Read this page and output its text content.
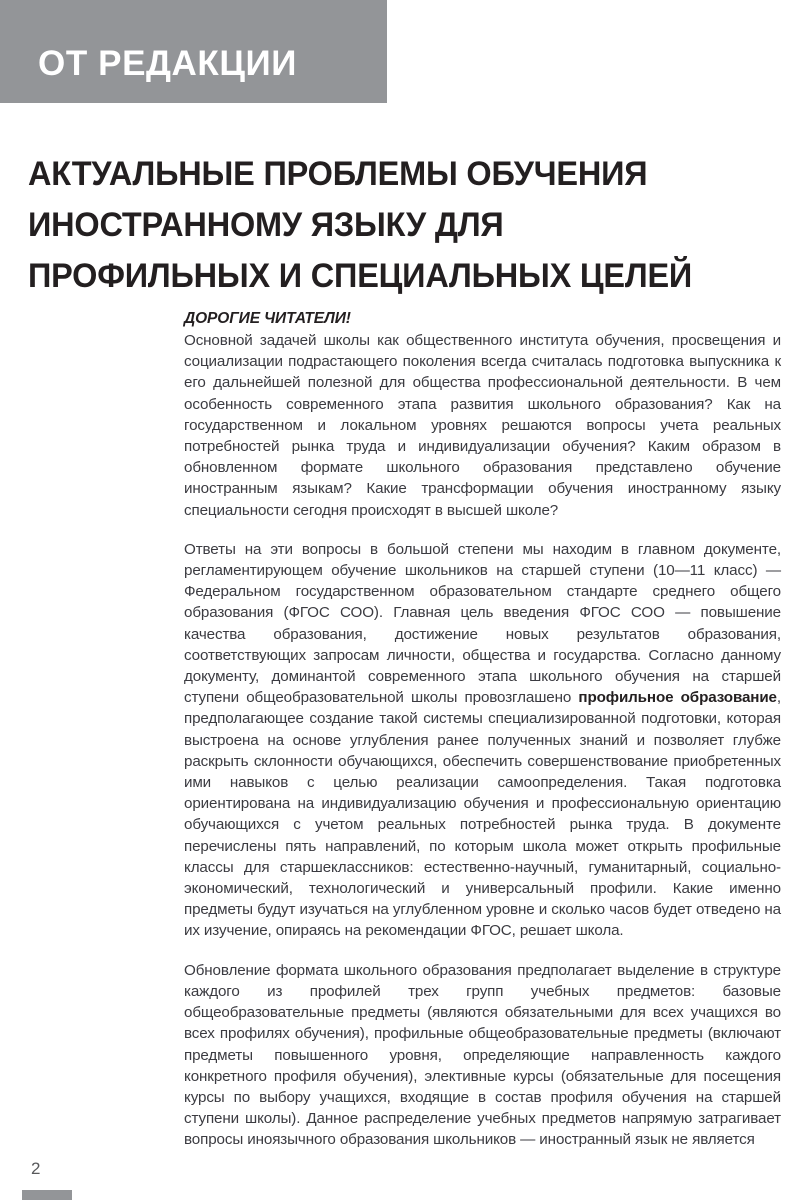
ОТ РЕДАКЦИИ
АКТУАЛЬНЫЕ ПРОБЛЕМЫ ОБУЧЕНИЯ
ИНОСТРАННОМУ ЯЗЫКУ ДЛЯ
ПРОФИЛЬНЫХ И СПЕЦИАЛЬНЫХ ЦЕЛЕЙ

ДОРОГИЕ ЧИТАТЕЛИ!

Основной задачей школы как общественного института обучения, просвещения и социализации подрастающего поколения всегда считалась подготовка выпускника к его дальнейшей полезной для общества профессиональной деятельности. В чем особенность современного этапа развития школьного образования? Как на государственном и локальном уровнях решаются вопросы учета реальных потребностей рынка труда и индивидуализации обучения? Каким образом в обновленном формате школьного образования представлено обучение иностранным языкам? Какие трансформации обучения иностранному языку специальности сегодня происходят в высшей школе?

Ответы на эти вопросы в большой степени мы находим в главном документе, регламентирующем обучение школьников на старшей ступени (10—11 класс) — Федеральном государственном образовательном стандарте среднего общего образования (ФГОС СОО). Главная цель введения ФГОС СОО — повышение качества образования, достижение новых результатов образования, соответствующих запросам личности, общества и государства. Согласно данному документу, доминантой современного этапа школьного обучения на старшей ступени общеобразовательной школы провозглашено профильное образование, предполагающее создание такой системы специализированной подготовки, которая выстроена на основе углубления ранее полученных знаний и позволяет глубже раскрыть склонности обучающихся, обеспечить совершенствование приобретенных ими навыков с целью реализации самоопределения. Такая подготовка ориентирована на индивидуализацию обучения и профессиональную ориентацию обучающихся с учетом реальных потребностей рынка труда. В документе перечислены пять направлений, по которым школа может открыть профильные классы для старшеклассников: естественно-научный, гуманитарный, социально-экономический, технологический и универсальный профили. Какие именно предметы будут изучаться на углубленном уровне и сколько часов будет отведено на их изучение, опираясь на рекомендации ФГОС, решает школа.

Обновление формата школьного образования предполагает выделение в структуре каждого из профилей трех групп учебных предметов: базовые общеобразовательные предметы (являются обязательными для всех учащихся во всех профилях обучения), профильные общеобразовательные предметы (включают предметы повышенного уровня, определяющие направленность каждого конкретного профиля обучения), элективные курсы (обязательные для посещения курсы по выбору учащихся, входящие в состав профиля обучения на старшей ступени школы). Данное распределение учебных предметов напрямую затрагивает вопросы иноязычного образования школьников — иностранный язык не является

2
